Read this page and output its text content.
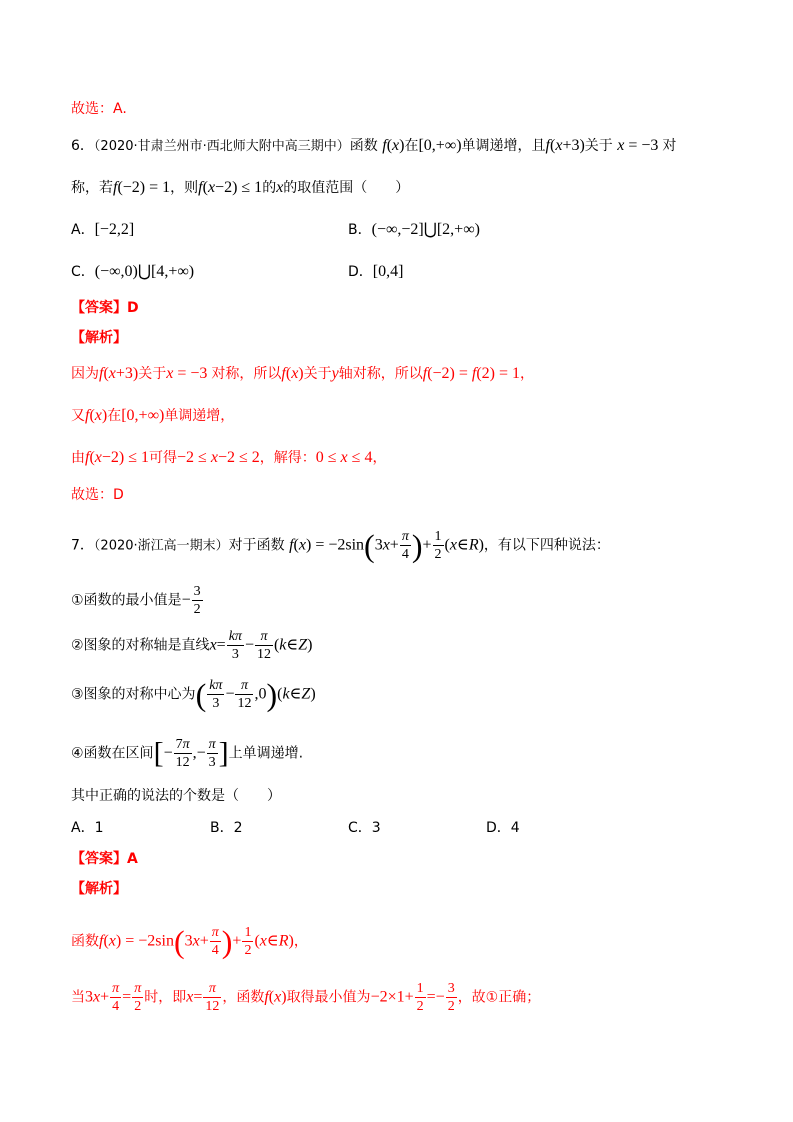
故选：A.
6．（2020·甘肃兰州市·西北师大附中高三期中）函数 f(x)在[0,+∞)单调递增，且f(x+3)关于 x = −3 对
称，若f(−2) = 1，则f(x−2) ≤ 1的x的取值范围（　　）
A．[−2,2]	B．(−∞,−2]⋃[2,+∞)
C．(−∞,0)⋃[4,+∞)	D．[0,4]
【答案】D
【解析】
因为f(x+3)关于x = −3 对称，所以f(x)关于y轴对称，所以f(−2) = f(2) = 1，
又f(x)在[0,+∞)单调递增，
由f(x−2) ≤ 1可得−2 ≤ x−2 ≤ 2，解得：0 ≤ x ≤ 4，
故选：D
7．（2020·浙江高一期末）对于函数 $f(x) = -2\sin(3x+ \frac{\pi}{4}$ )+ $\frac{1}{2}$ (x∈R)，有以下四种说法：
①函数的最小值是− $\frac{3}{2}$
②图象的对称轴是直线$x= \frac{k\pi}{3} - \frac{\pi}{12}$ (k∈Z)
③图象的对称中心为( $\frac{k\pi}{3} - \frac{\pi}{12}$ ,0)(k∈Z)
④函数在区间[− $\frac{7\pi}{12}$ ,− $\frac{\pi}{3}$ ]上单调递增.
其中正确的说法的个数是（　　）
A．1	B．2	C．3	D．4
【答案】A
【解析】
函数$f(x) = -2\sin(3x+ \frac{\pi}{4}$ )+ $\frac{1}{2}$ (x∈R)，
当$3x+ \frac{\pi}{4} = \frac{\pi}{2}$ 时，即$x= \frac{\pi}{12}$ ，函数f(x)取得最小值为$-2\times 1+ \frac{1}{2} =- \frac{3}{2}$ ，故①正确；
